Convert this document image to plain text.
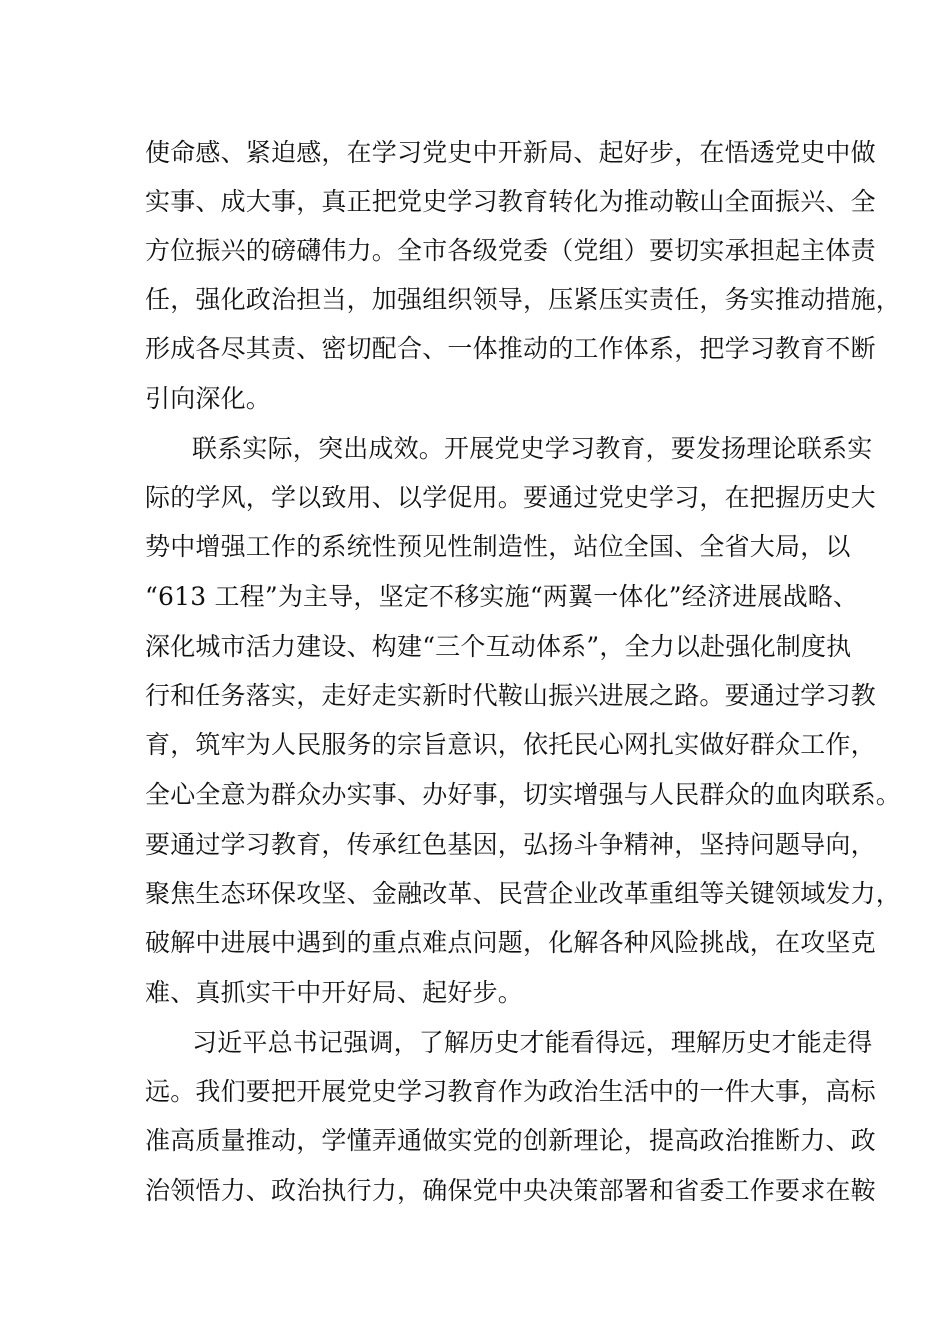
使命感、紧迫感，在学习党史中开新局、起好步，在悟透党史中做

实事、成大事，真正把党史学习教育转化为推动鞍山全面振兴、全

方位振兴的磅礴伟力。全市各级党委（党组）要切实承担起主体责

任，强化政治担当，加强组织领导，压紧压实责任，务实推动措施，

形成各尽其责、密切配合、一体推动的工作体系，把学习教育不断

引向深化。

联系实际，突出成效。开展党史学习教育，要发扬理论联系实

际的学风，学以致用、以学促用。要通过党史学习，在把握历史大

势中增强工作的系统性预见性制造性，站位全国、全省大局，以

“613 工程”为主导，坚定不移实施“两翼一体化”经济进展战略、

深化城市活力建设、构建“三个互动体系”，全力以赴强化制度执

行和任务落实，走好走实新时代鞍山振兴进展之路。要通过学习教

育，筑牢为人民服务的宗旨意识，依托民心网扎实做好群众工作，

全心全意为群众办实事、办好事，切实增强与人民群众的血肉联系。

要通过学习教育，传承红色基因，弘扬斗争精神，坚持问题导向，

聚焦生态环保攻坚、金融改革、民营企业改革重组等关键领域发力，

破解中进展中遇到的重点难点问题，化解各种风险挑战，在攻坚克

难、真抓实干中开好局、起好步。

习近平总书记强调，了解历史才能看得远，理解历史才能走得

远。我们要把开展党史学习教育作为政治生活中的一件大事，高标

准高质量推动，学懂弄通做实党的创新理论，提高政治推断力、政

治领悟力、政治执行力，确保党中央决策部署和省委工作要求在鞍
